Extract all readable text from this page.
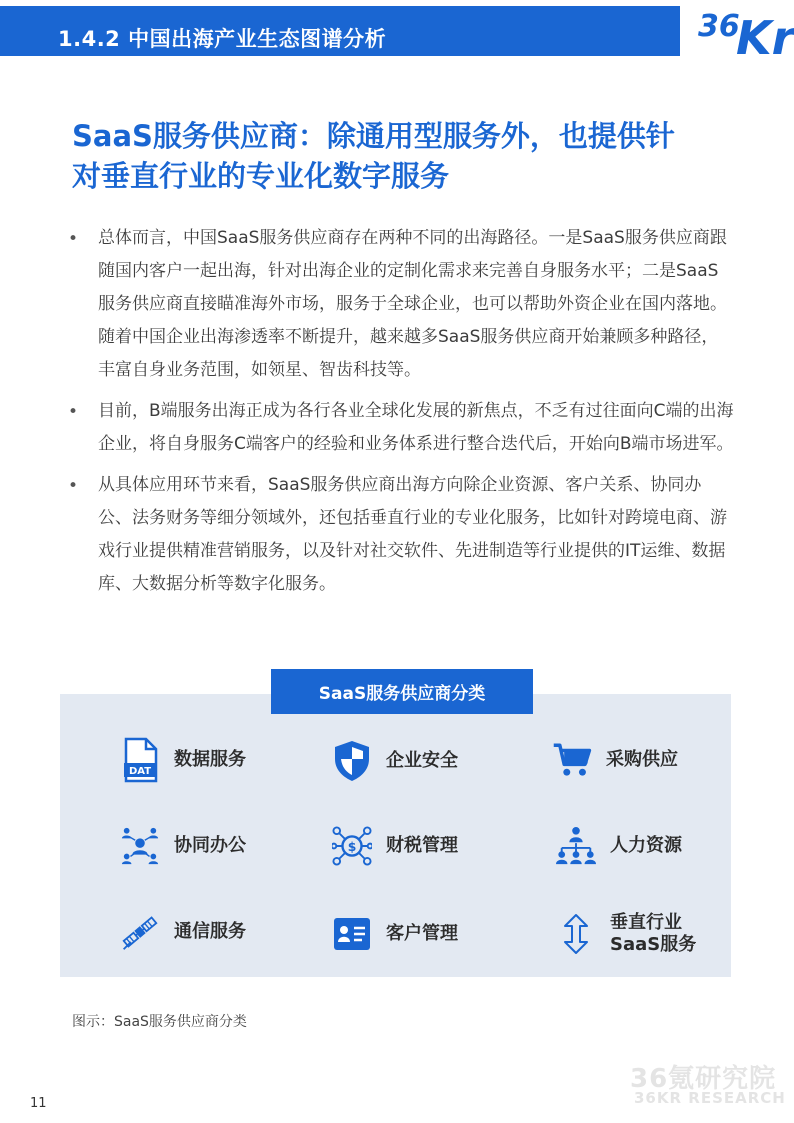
1.4.2 中国出海产业生态图谱分析	36
Kr
SaaS服务供应商：除通用型服务外，也提供针
对垂直行业的专业化数字服务
• 总体而言，中国SaaS服务供应商存在两种不同的出海路径。一是SaaS服务供应商跟随国内客户一起出海，针对出海企业的定制化需求来完善自身服务水平；二是SaaS服务供应商直接瞄准海外市场，服务于全球企业，也可以帮助外资企业在国内落地。随着中国企业出海渗透率不断提升，越来越多SaaS服务供应商开始兼顾多种路径，丰富自身业务范围，如领星、智齿科技等。
• 目前，B端服务出海正成为各行各业全球化发展的新焦点，不乏有过往面向C端的出海企业，将自身服务C端客户的经验和业务体系进行整合迭代后，开始向B端市场进军。
• 从具体应用环节来看，SaaS服务供应商出海方向除企业资源、客户关系、协同办公、法务财务等细分领域外，还包括垂直行业的专业化服务，比如针对跨境电商、游戏行业提供精准营销服务，以及针对社交软件、先进制造等行业提供的IT运维、数据库、大数据分析等数字化服务。
SaaS服务供应商分类
DAT
数据服务	企业安全	采购供应
协同办公	$ 财税管理	人力资源
通信服务	客户管理
垂直行业
SaaS服务
图示：SaaS服务供应商分类
36氪研究院
36KR RESEARCH
11
